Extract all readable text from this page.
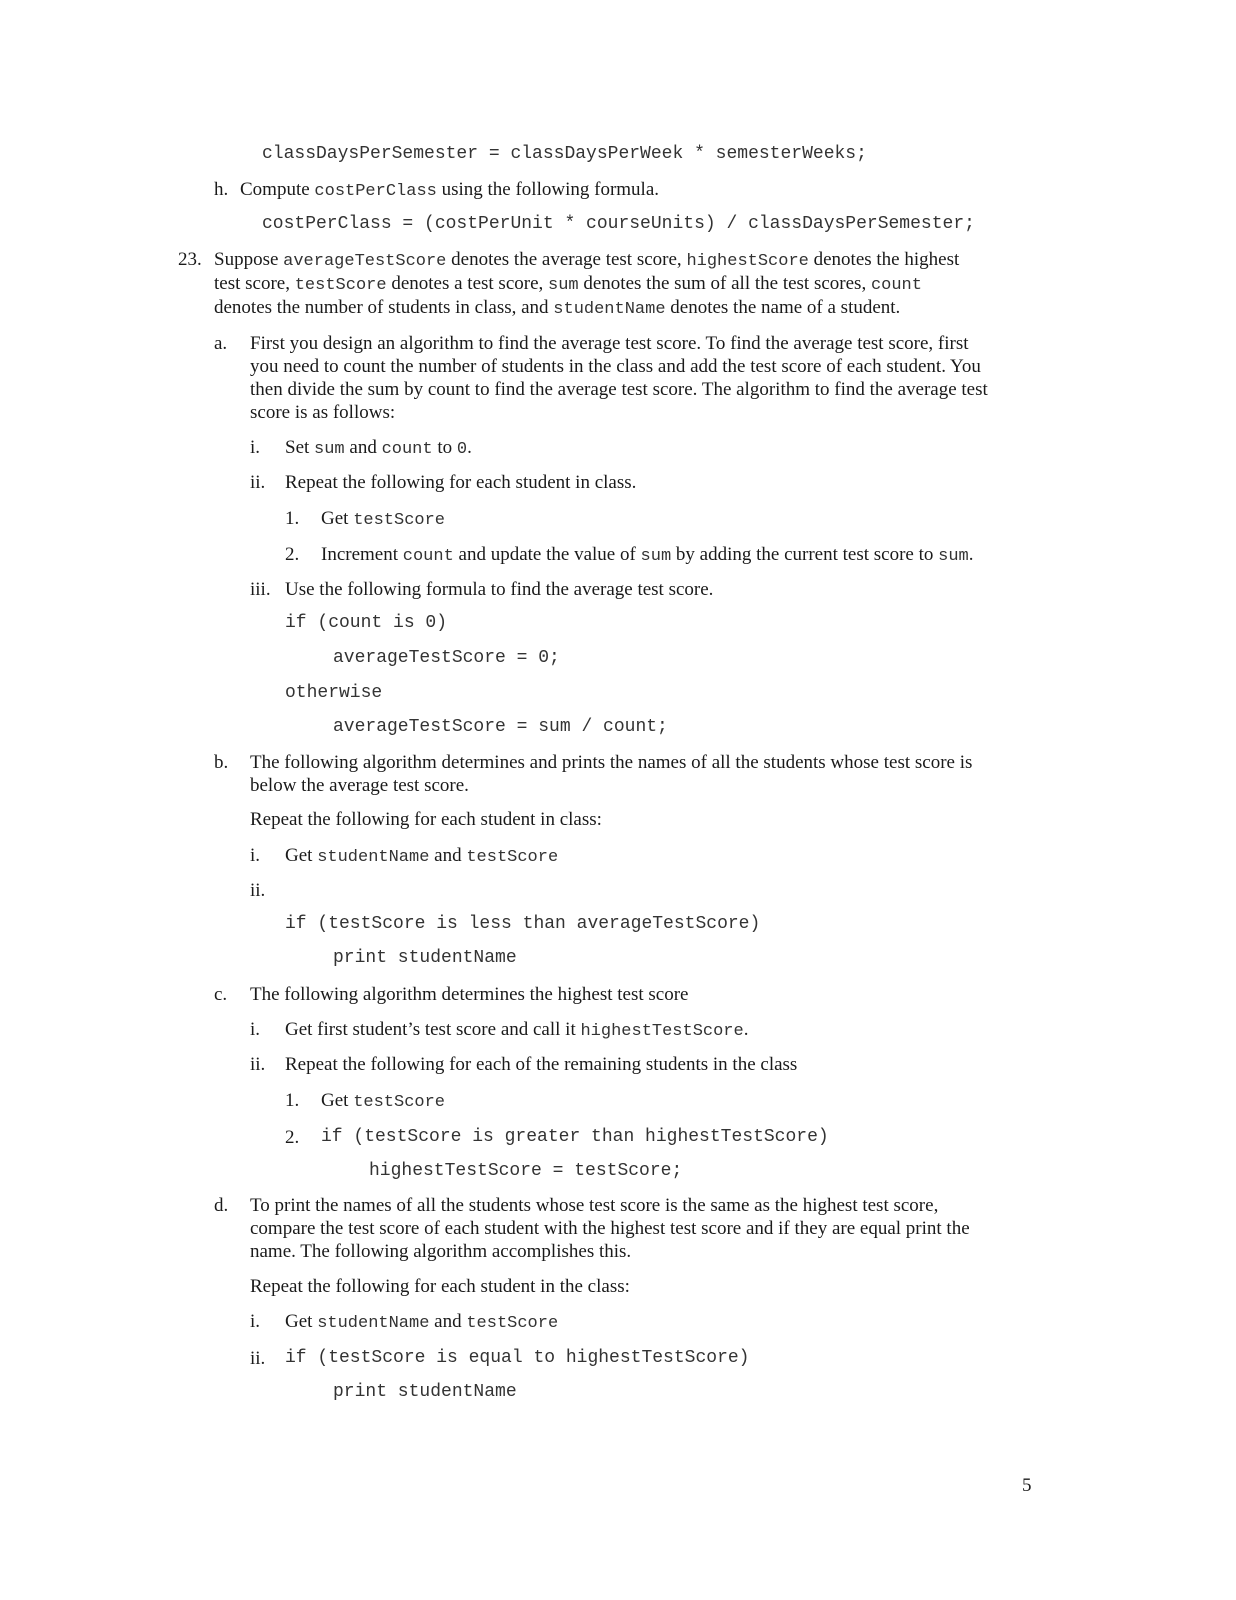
classDaysPerSemester = classDaysPerWeek * semesterWeeks;
h. Compute costPerClass using the following formula.
costPerClass = (costPerUnit * courseUnits) / classDaysPerSemester;
23. Suppose averageTestScore denotes the average test score, highestScore denotes the highest
test score, testScore denotes a test score, sum denotes the sum of all the test scores, count
denotes the number of students in class, and studentName denotes the name of a student.
a. First you design an algorithm to find the average test score. To find the average test score, first
you need to count the number of students in the class and add the test score of each student. You
then divide the sum by count to find the average test score. The algorithm to find the average test
score is as follows:
i. Set sum and count to 0.
ii. Repeat the following for each student in class.
1. Get testScore
2. Increment count and update the value of sum by adding the current test score to sum.
iii. Use the following formula to find the average test score.
if (count is 0)
averageTestScore = 0;
otherwise
averageTestScore = sum / count;
b. The following algorithm determines and prints the names of all the students whose test score is
below the average test score.
Repeat the following for each student in class:
i. Get studentName and testScore
ii.
if (testScore is less than averageTestScore)
print studentName
c. The following algorithm determines the highest test score
i. Get first student’s test score and call it highestTestScore.
ii. Repeat the following for each of the remaining students in the class
1. Get testScore
2. if (testScore is greater than highestTestScore)
highestTestScore = testScore;
d. To print the names of all the students whose test score is the same as the highest test score,
compare the test score of each student with the highest test score and if they are equal print the
name. The following algorithm accomplishes this.
Repeat the following for each student in the class:
i. Get studentName and testScore
ii. if (testScore is equal to highestTestScore)
print studentName
5
